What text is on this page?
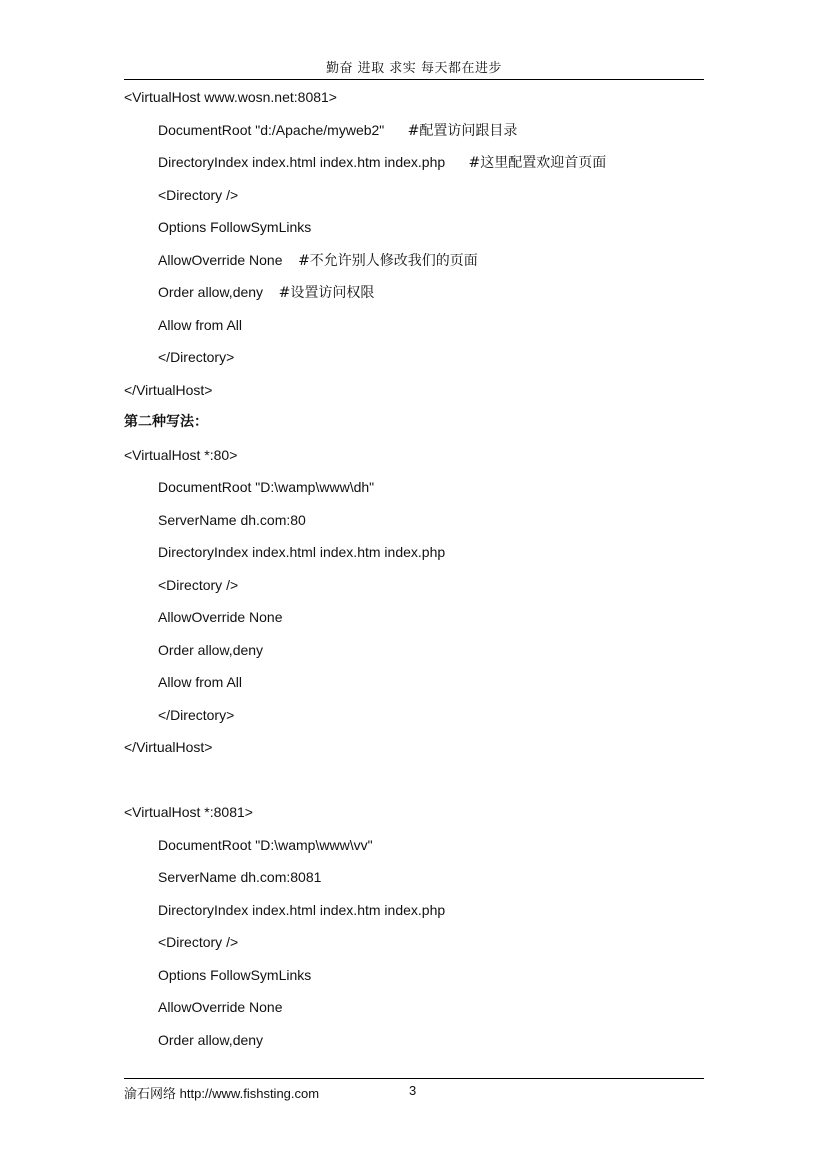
勤奋 进取 求实 每天都在进步
<VirtualHost www.wosn.net:8081>
DocumentRoot "d:/Apache/myweb2"      #配置访问跟目录
DirectoryIndex index.html index.htm index.php      #这里配置欢迎首页面
<Directory />
Options FollowSymLinks
AllowOverride None    #不允许别人修改我们的页面
Order allow,deny    #设置访问权限
Allow from All
</Directory>
</VirtualHost>
第二种写法：
<VirtualHost *:80>
DocumentRoot "D:\wamp\www\dh"
ServerName dh.com:80
DirectoryIndex index.html index.htm index.php
<Directory />
AllowOverride None
Order allow,deny
Allow from All
</Directory>
</VirtualHost>
<VirtualHost *:8081>
DocumentRoot "D:\wamp\www\vv"
ServerName dh.com:8081
DirectoryIndex index.html index.htm index.php
<Directory />
Options FollowSymLinks
AllowOverride None
Order allow,deny
渝石网络 http://www.fishsting.com	3
